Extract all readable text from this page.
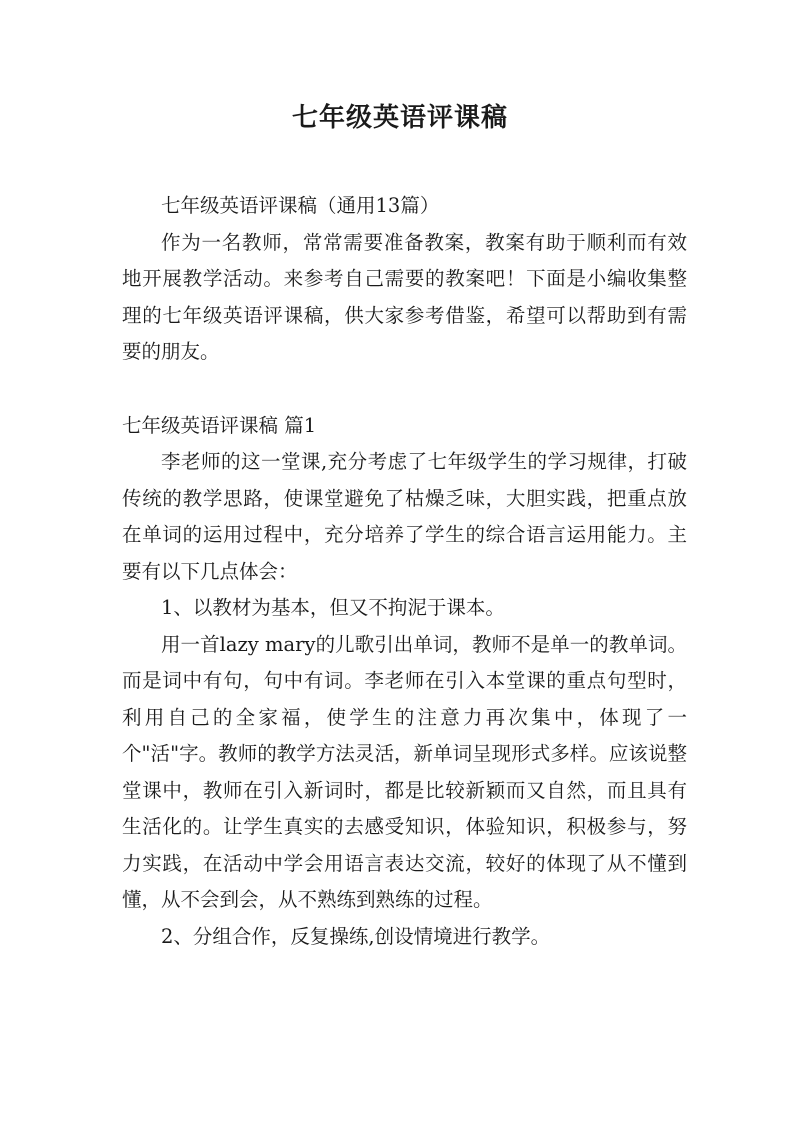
七年级英语评课稿

七年级英语评课稿（通用13篇）

作为一名教师，常常需要准备教案，教案有助于顺利而有效地开展教学活动。来参考自己需要的教案吧！下面是小编收集整理的七年级英语评课稿，供大家参考借鉴，希望可以帮助到有需要的朋友。

七年级英语评课稿 篇1

李老师的这一堂课,充分考虑了七年级学生的学习规律，打破传统的教学思路，使课堂避免了枯燥乏味，大胆实践，把重点放在单词的运用过程中，充分培养了学生的综合语言运用能力。主要有以下几点体会：

1、以教材为基本，但又不拘泥于课本。

用一首lazy mary的儿歌引出单词，教师不是单一的教单词。而是词中有句，句中有词。李老师在引入本堂课的重点句型时，利用自己的全家福，使学生的注意力再次集中，体现了一个"活"字。教师的教学方法灵活，新单词呈现形式多样。应该说整堂课中，教师在引入新词时，都是比较新颖而又自然，而且具有生活化的。让学生真实的去感受知识，体验知识，积极参与，努力实践，在活动中学会用语言表达交流，较好的体现了从不懂到懂，从不会到会，从不熟练到熟练的过程。

2、分组合作，反复操练,创设情境进行教学。
